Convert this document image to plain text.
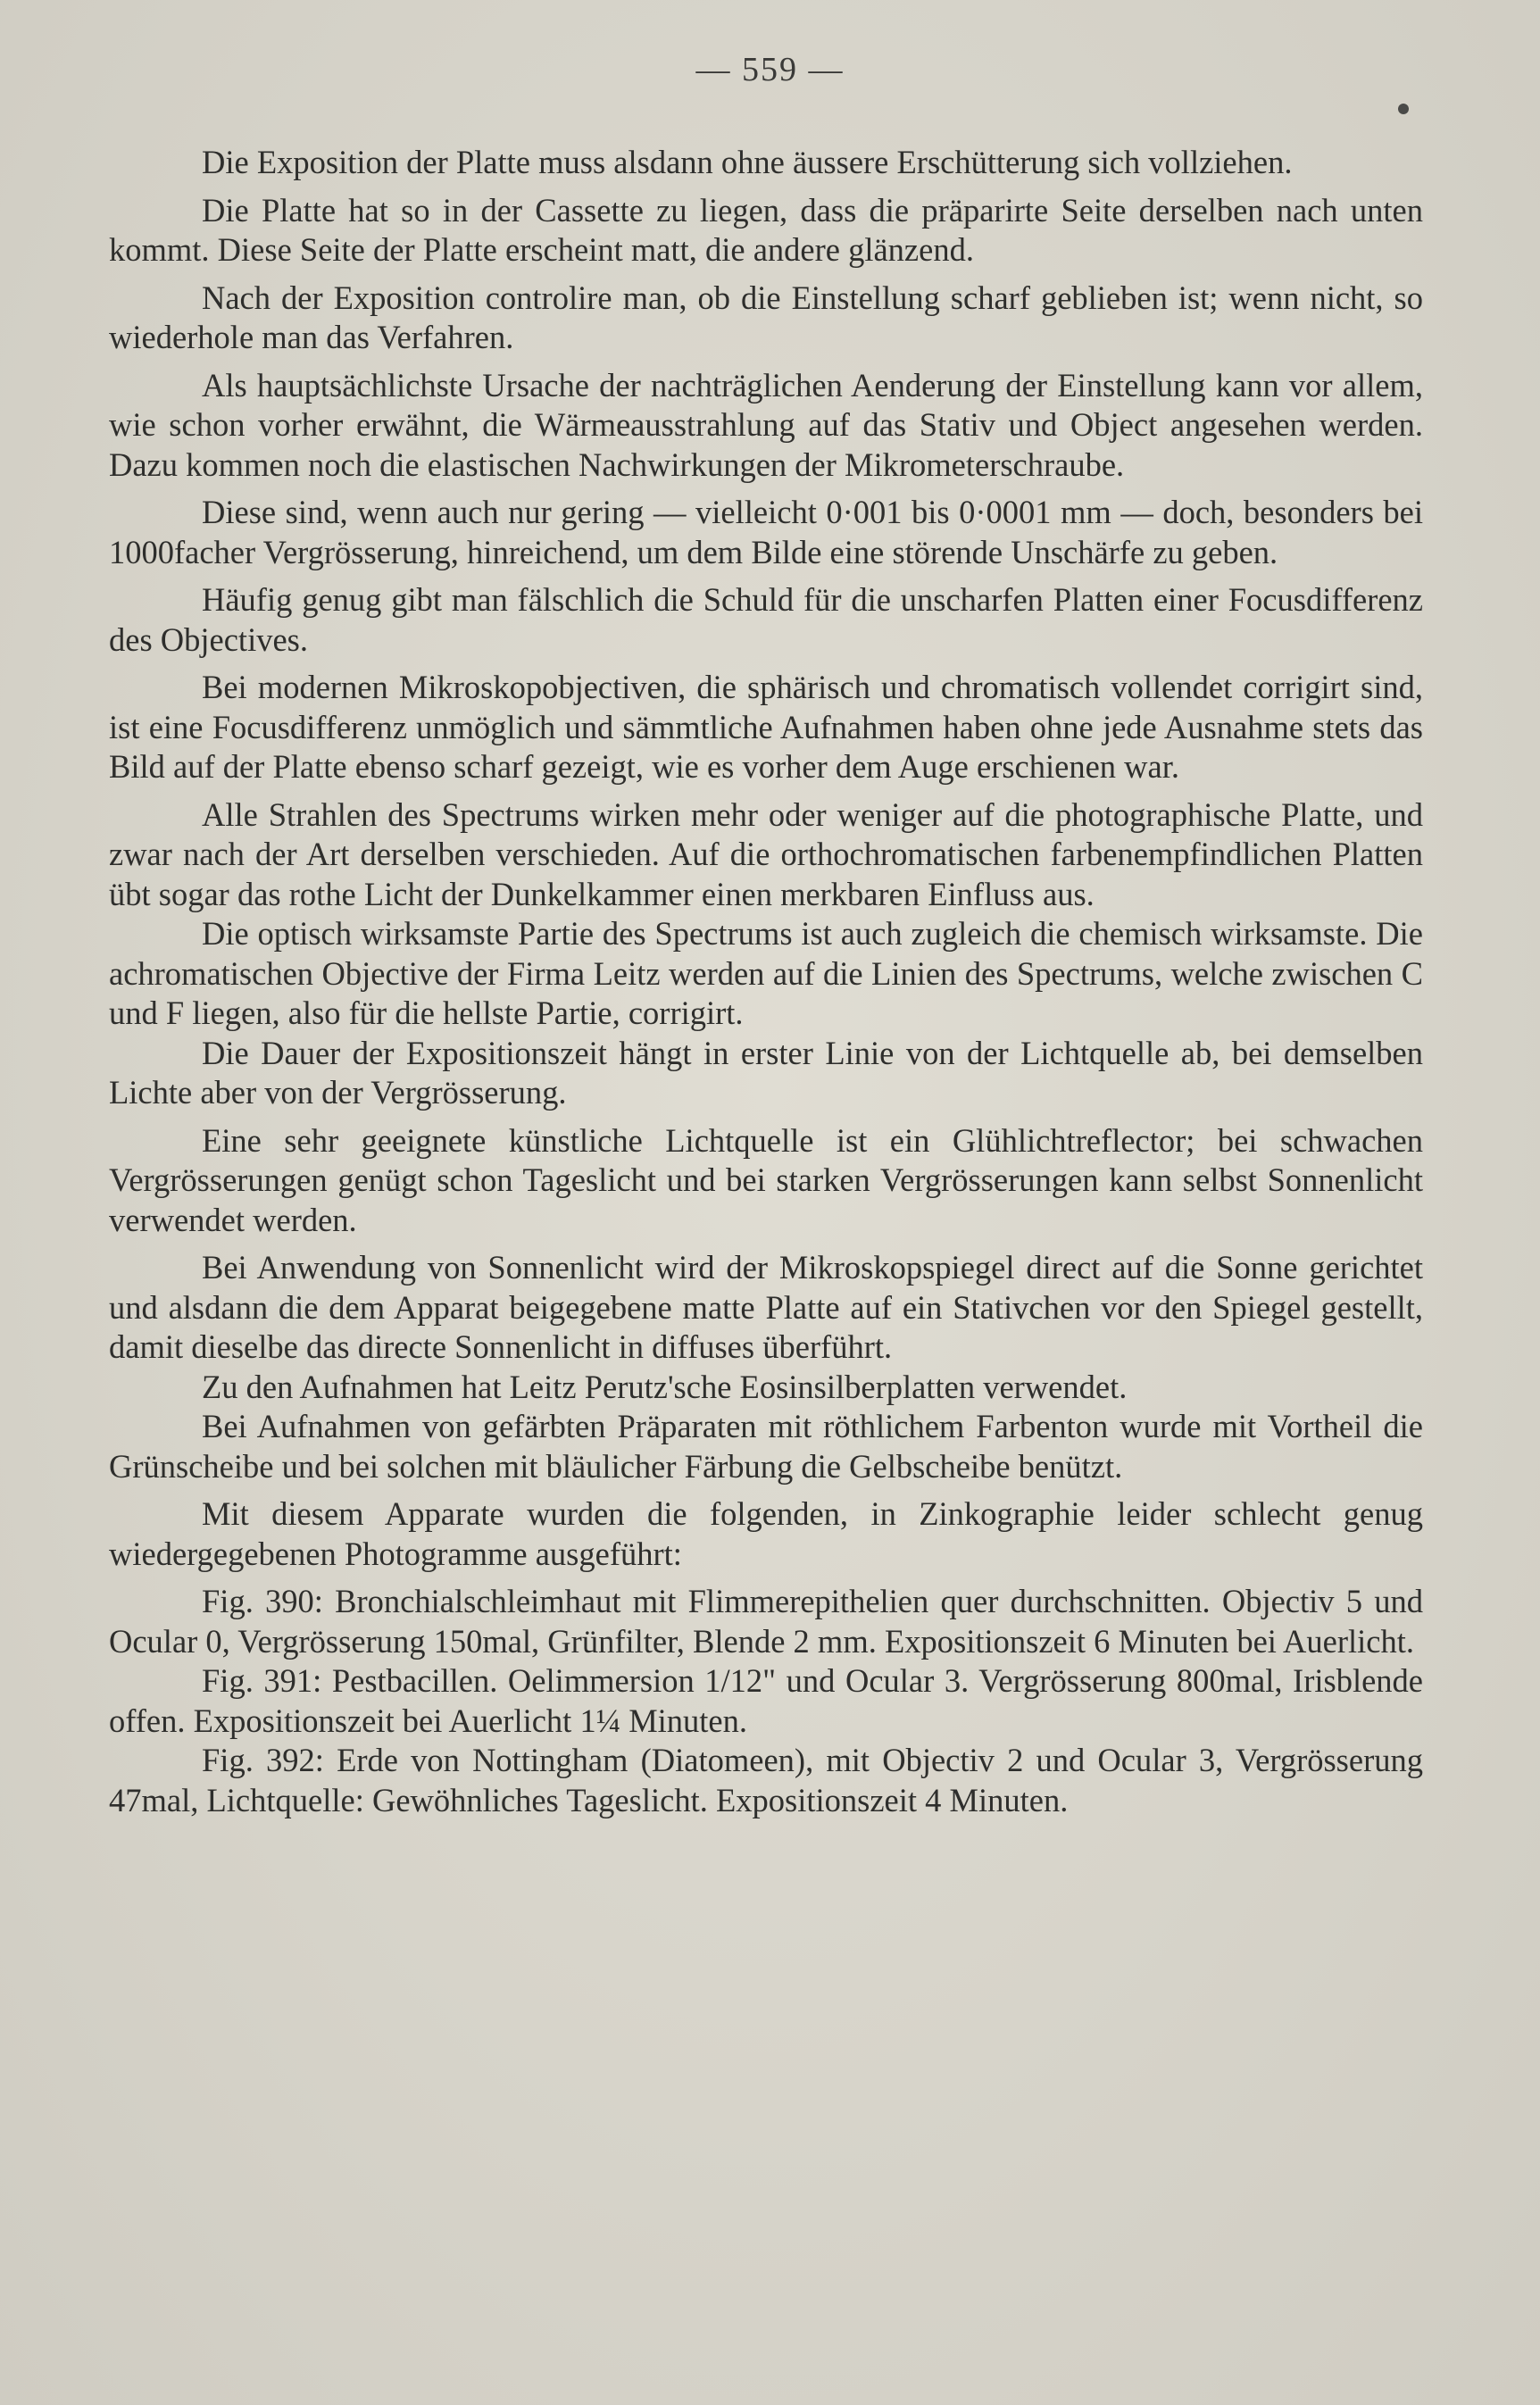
— 559 —

Die Exposition der Platte muss alsdann ohne äussere Erschütterung sich vollziehen.

Die Platte hat so in der Cassette zu liegen, dass die präparirte Seite derselben nach unten kommt. Diese Seite der Platte erscheint matt, die andere glänzend.

Nach der Exposition controlire man, ob die Einstellung scharf geblieben ist; wenn nicht, so wiederhole man das Verfahren.

Als hauptsächlichste Ursache der nachträglichen Aenderung der Einstellung kann vor allem, wie schon vorher erwähnt, die Wärmeausstrahlung auf das Stativ und Object angesehen werden. Dazu kommen noch die elastischen Nachwirkungen der Mikrometerschraube.

Diese sind, wenn auch nur gering — vielleicht 0·001 bis 0·0001 mm — doch, besonders bei 1000facher Vergrösserung, hinreichend, um dem Bilde eine störende Unschärfe zu geben.

Häufig genug gibt man fälschlich die Schuld für die unscharfen Platten einer Focusdifferenz des Objectives.

Bei modernen Mikroskopobjectiven, die sphärisch und chromatisch vollendet corrigirt sind, ist eine Focusdifferenz unmöglich und sämmtliche Aufnahmen haben ohne jede Ausnahme stets das Bild auf der Platte ebenso scharf gezeigt, wie es vorher dem Auge erschienen war.

Alle Strahlen des Spectrums wirken mehr oder weniger auf die photographische Platte, und zwar nach der Art derselben verschieden. Auf die orthochromatischen farbenempfindlichen Platten übt sogar das rothe Licht der Dunkelkammer einen merkbaren Einfluss aus.

Die optisch wirksamste Partie des Spectrums ist auch zugleich die chemisch wirksamste. Die achromatischen Objective der Firma Leitz werden auf die Linien des Spectrums, welche zwischen C und F liegen, also für die hellste Partie, corrigirt.

Die Dauer der Expositionszeit hängt in erster Linie von der Lichtquelle ab, bei demselben Lichte aber von der Vergrösserung.

Eine sehr geeignete künstliche Lichtquelle ist ein Glühlichtreflector; bei schwachen Vergrösserungen genügt schon Tageslicht und bei starken Vergrösserungen kann selbst Sonnenlicht verwendet werden.

Bei Anwendung von Sonnenlicht wird der Mikroskopspiegel direct auf die Sonne gerichtet und alsdann die dem Apparat beigegebene matte Platte auf ein Stativchen vor den Spiegel gestellt, damit dieselbe das directe Sonnenlicht in diffuses überführt.

Zu den Aufnahmen hat Leitz Perutz'sche Eosinsilberplatten verwendet.

Bei Aufnahmen von gefärbten Präparaten mit röthlichem Farbenton wurde mit Vortheil die Grünscheibe und bei solchen mit bläulicher Färbung die Gelbscheibe benützt.

Mit diesem Apparate wurden die folgenden, in Zinkographie leider schlecht genug wiedergegebenen Photogramme ausgeführt:

Fig. 390: Bronchialschleimhaut mit Flimmerepithelien quer durchschnitten. Objectiv 5 und Ocular 0, Vergrösserung 150mal, Grünfilter, Blende 2 mm. Expositionszeit 6 Minuten bei Auerlicht.

Fig. 391: Pestbacillen. Oelimmersion 1/12" und Ocular 3. Vergrösserung 800mal, Irisblende offen. Expositionszeit bei Auerlicht 1¼ Minuten.

Fig. 392: Erde von Nottingham (Diatomeen), mit Objectiv 2 und Ocular 3, Vergrösserung 47mal, Lichtquelle: Gewöhnliches Tageslicht. Expositionszeit 4 Minuten.
